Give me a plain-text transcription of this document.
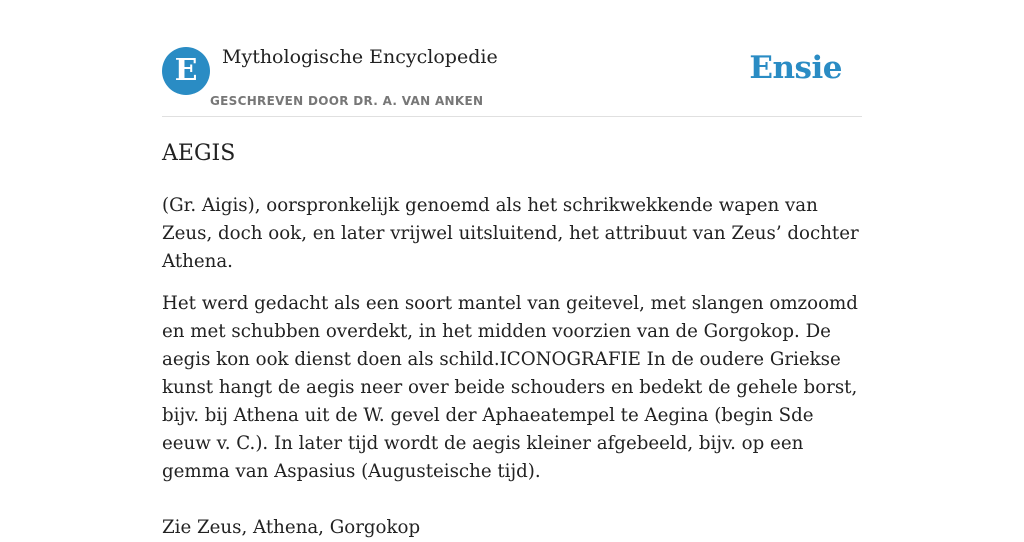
E	Mythologische Encyclopedie
GESCHREVEN DOOR DR. A. VAN ANKEN
Ensie
AEGIS

(Gr. Aigis), oorspronkelijk genoemd als het schrikwekkende wapen van Zeus, doch ook, en later vrijwel uitsluitend, het attribuut van Zeus’ dochter Athena.

Het werd gedacht als een soort mantel van geitevel, met slangen omzoomd en met schubben overdekt, in het midden voorzien van de Gorgokop. De aegis kon ook dienst doen als schild.ICONOGRAFIE In de oudere Griekse kunst hangt de aegis neer over beide schouders en bedekt de gehele borst, bijv. bij Athena uit de W. gevel der Aphaeatempel te Aegina (begin Sde eeuw v. C.). In later tijd wordt de aegis kleiner afgebeeld, bijv. op een gemma van Aspasius (Augusteische tijd).

Zie Zeus, Athena, Gorgokop
